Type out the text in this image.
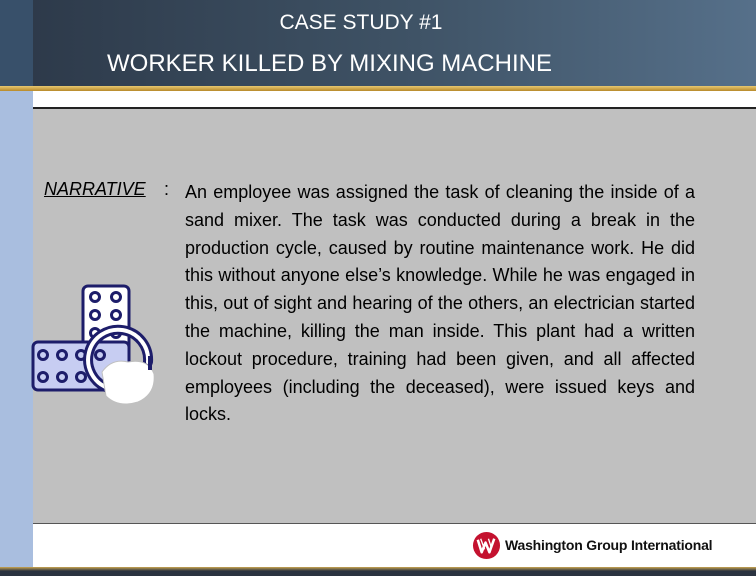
CASE STUDY #1
WORKER KILLED BY MIXING MACHINE
NARRATIVE : An employee was assigned the task of cleaning the inside of a sand mixer. The task was conducted during a break in the production cycle, caused by routine maintenance work. He did this without anyone else’s knowledge. While he was engaged in this, out of sight and hearing of the others, an electrician started the machine, killing the man inside. This plant had a written lockout procedure, training had been given, and all affected employees (including the deceased), were issued keys and locks.
Washington Group International
